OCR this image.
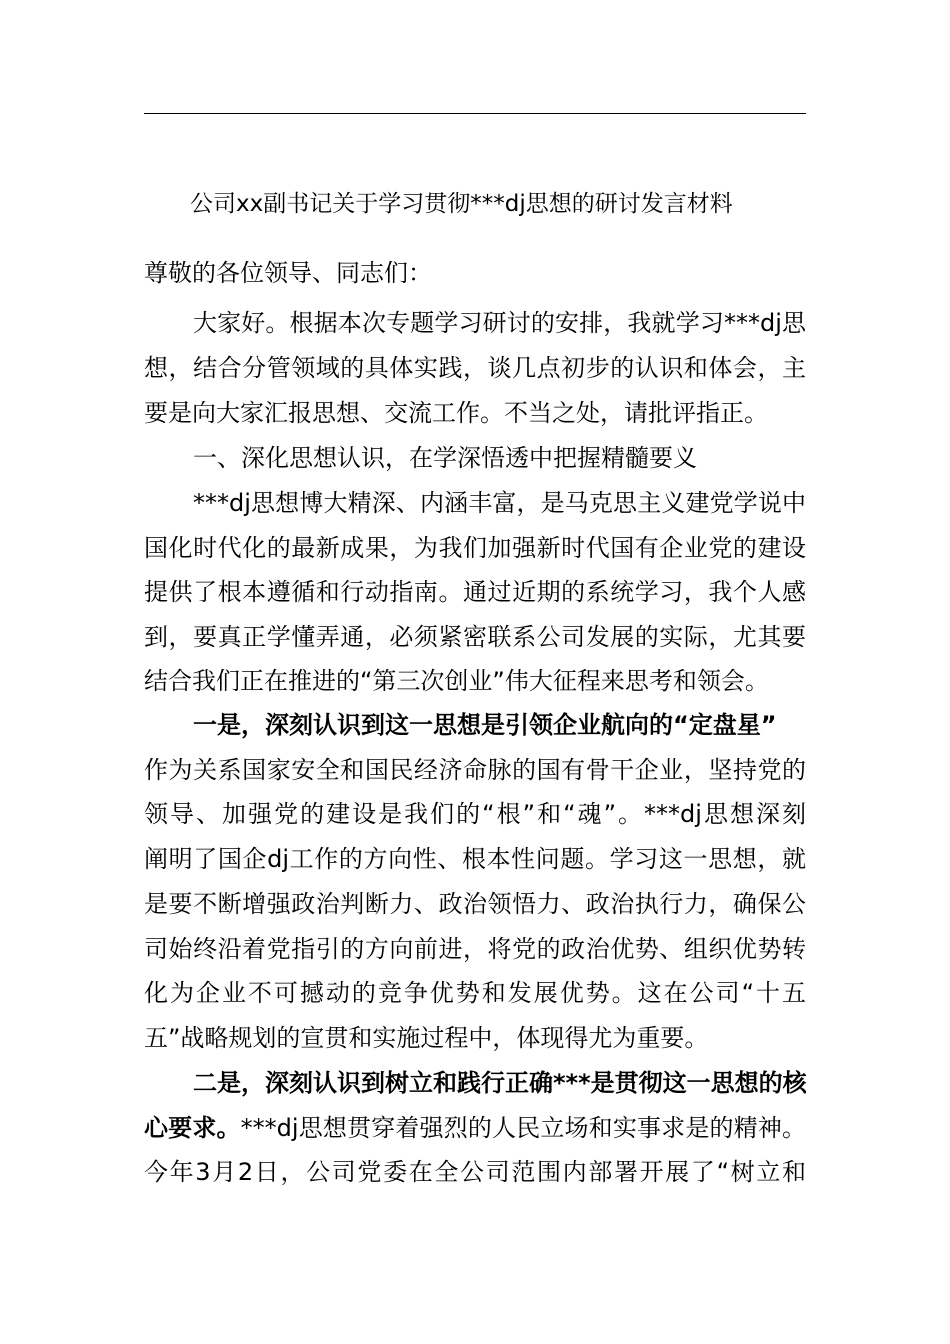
公司xx副书记关于学习贯彻***dj思想的研讨发言材料
尊敬的各位领导、同志们：
大家好。根据本次专题学习研讨的安排，我就学习***dj思
想，结合分管领域的具体实践，谈几点初步的认识和体会，主
要是向大家汇报思想、交流工作。不当之处，请批评指正。
一、深化思想认识，在学深悟透中把握精髓要义
***dj思想博大精深、内涵丰富，是马克思主义建党学说中
国化时代化的最新成果，为我们加强新时代国有企业党的建设
提供了根本遵循和行动指南。通过近期的系统学习，我个人感
到，要真正学懂弄通，必须紧密联系公司发展的实际，尤其要
结合我们正在推进的“第三次创业”伟大征程来思考和领会。
一是，深刻认识到这一思想是引领企业航向的“定盘星”
作为关系国家安全和国民经济命脉的国有骨干企业，坚持党的
领导、加强党的建设是我们的“根”和“魂”。***dj思想深刻
阐明了国企dj工作的方向性、根本性问题。学习这一思想，就
是要不断增强政治判断力、政治领悟力、政治执行力，确保公
司始终沿着党指引的方向前进，将党的政治优势、组织优势转
化为企业不可撼动的竞争优势和发展优势。这在公司“十五
五”战略规划的宣贯和实施过程中，体现得尤为重要。
二是，深刻认识到树立和践行正确***是贯彻这一思想的核
心要求。***dj思想贯穿着强烈的人民立场和实事求是的精神。
今年3月2日，公司党委在全公司范围内部署开展了“树立和
